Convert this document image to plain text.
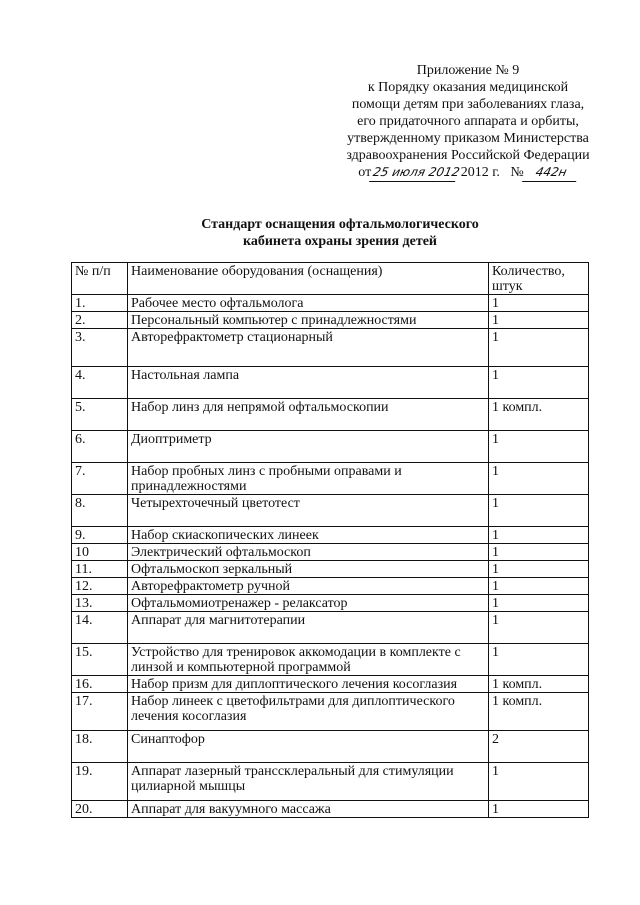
Приложение № 9
к Порядку оказания медицинской
помощи детям при заболеваниях глаза,
его придаточного аппарата и орбиты,
утвержденному приказом Министерства
здравоохранения Российской Федерации
от25 июля 2012 2012 г. № 442н
Стандарт оснащения офтальмологического
кабинета охраны зрения детей
№ п/п	Наименование оборудования (оснащения)	Количество, штук
1.	Рабочее место офтальмолога	1
2.	Персональный компьютер с принадлежностями	1
3.	Авторефрактометр стационарный	1
4.	Настольная лампа	1
5.	Набор линз для непрямой офтальмоскопии	1 компл.
6.	Диоптриметр	1
7.	Набор пробных линз с пробными оправами и принадлежностями	1
8.	Четырехточечный цветотест	1
9.	Набор скиаскопических линеек	1
10	Электрический офтальмоскоп	1
11.	Офтальмоскоп зеркальный	1
12.	Авторефрактометр ручной	1
13.	Офтальмомиотренажер - релаксатор	1
14.	Аппарат для магнитотерапии	1
15.	Устройство для тренировок аккомодации в комплекте с линзой и компьютерной программой	1
16.	Набор призм для диплоптического лечения косоглазия	1 компл.
17.	Набор линеек с цветофильтрами для диплоптического лечения косоглазия	1 компл.
18.	Синаптофор	2
19.	Аппарат лазерный транссклеральный для стимуляции цилиарной мышцы	1
20.	Аппарат для вакуумного массажа	1
